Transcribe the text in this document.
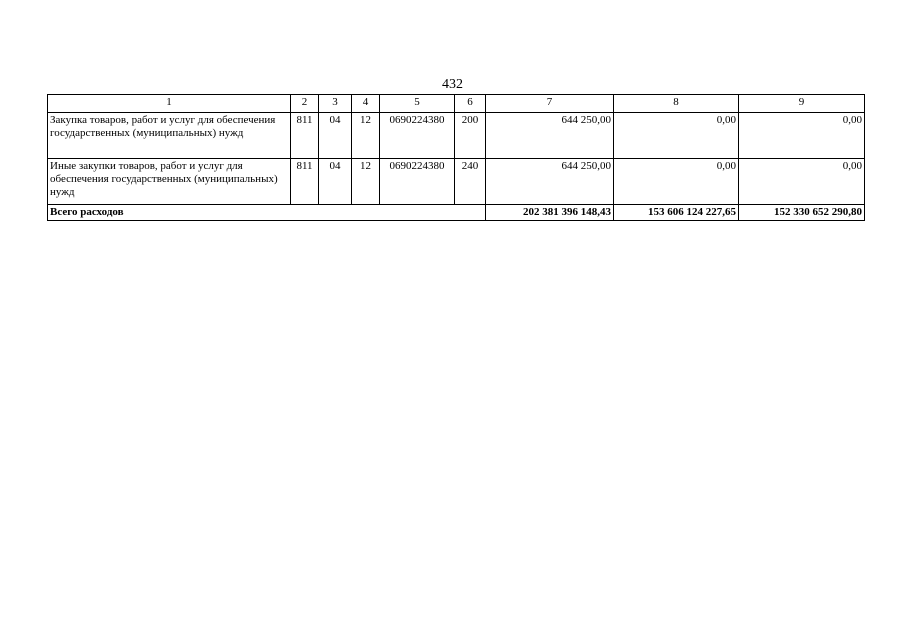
432
1	2	3	4	5	6	7	8	9
Закупка товаров, работ и услуг для обеспечения государственных (муниципальных) нужд	811	04	12	0690224380	200	644 250,00	0,00	0,00
Иные закупки товаров, работ и услуг для обеспечения государственных (муниципальных) нужд	811	04	12	0690224380	240	644 250,00	0,00	0,00
Всего расходов						202 381 396 148,43	153 606 124 227,65	152 330 652 290,80
